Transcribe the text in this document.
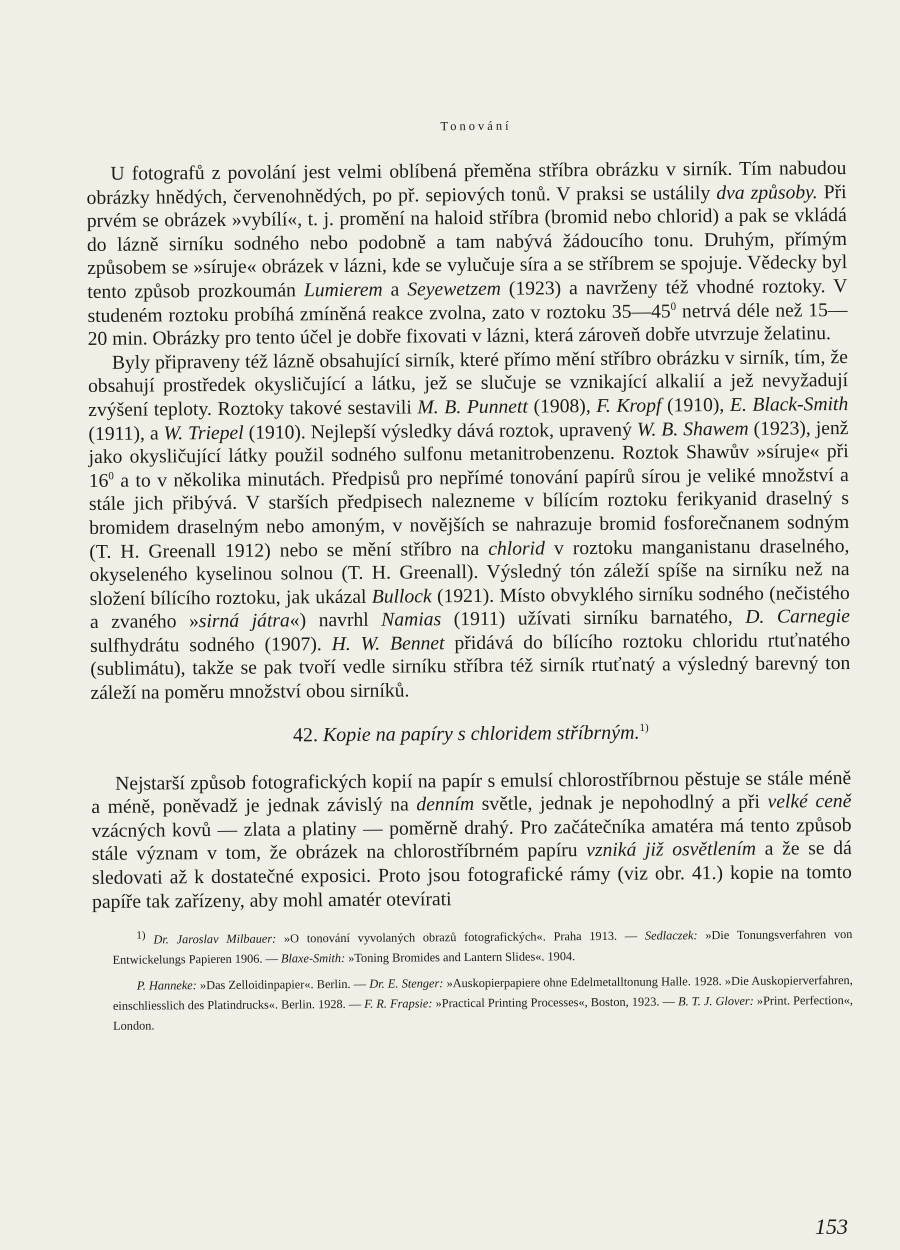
Tonování

U fotografů z povolání jest velmi oblíbená přeměna stříbra obrázku v sirník. Tím nabudou obrázky hnědých, červenohnědých, po př. sepiových tonů. V praksi se ustálily dva způsoby. Při prvém se obrázek »vybílí«, t. j. promění na haloid stříbra (bromid nebo chlorid) a pak se vkládá do lázně sirníku sodného nebo podobně a tam nabývá žádoucího tonu. Druhým, přímým způsobem se »síruje« obrázek v lázni, kde se vylučuje síra a se stříbrem se spojuje. Vědecky byl tento způsob prozkoumán Lumierem a Seyewetzem (1923) a navrženy též vhodné roztoky. V studeném roztoku probíhá zmíněná reakce zvolna, zato v roztoku $35—45^0$ netrvá déle než 15—20 min. Obrázky pro tento účel je dobře fixovati v lázni, která zároveň dobře utvrzuje želatinu.

Byly připraveny též lázně obsahující sirník, které přímo mění stříbro obrázku v sirník, tím, že obsahují prostředek okysličující a látku, jež se slučuje se vznikající alkalií a jež nevyžadují zvýšení teploty. Roztoky takové sestavili M. B. Punnett (1908), F. Kropf (1910), E. Black-Smith (1911), a W. Triepel (1910). Nejlepší výsledky dává roztok, upravený W. B. Shawem (1923), jenž jako okysličující látky použil sodného sulfonu metanitrobenzenu. Roztok Shawův »síruje« při $16^0$ a to v několika minutách. Předpisů pro nepřímé tonování papírů sírou je veliké množství a stále jich přibývá. V starších předpisech nalezneme v bílícím roztoku ferikyanid draselný s bromidem draselným nebo amoným, v novějších se nahrazuje bromid fosforečnanem sodným (T. H. Greenall 1912) nebo se mění stříbro na chlorid v roztoku manganistanu draselného, okyseleného kyselinou solnou (T. H. Greenall). Výsledný tón záleží spíše na sirníku než na složení bílícího roztoku, jak ukázal Bullock (1921). Místo obvyklého sirníku sodného (nečistého a zvaného »sirná játra«) navrhl Namias (1911) užívati sirníku barnatého, D. Carnegie sulfhydrátu sodného (1907). H. W. Bennet přidává do bílícího roztoku chloridu rtuťnatého (sublimátu), takže se pak tvoří vedle sirníku stříbra též sirník rtuťnatý a výsledný barevný ton záleží na poměru množství obou sirníků.

42. Kopie na papíry s chloridem stříbrným.$^{1)}$

Nejstarší způsob fotografických kopií na papír s emulsí chlorostříbrnou pěstuje se stále méně a méně, poněvadž je jednak závislý na denním světle, jednak je nepohodlný a při velké ceně vzácných kovů — zlata a platiny — poměrně drahý. Pro začátečníka amatéra má tento způsob stále význam v tom, že obrázek na chlorostříbrném papíru vzniká již osvětlením a že se dá sledovati až k dostatečné exposici. Proto jsou fotografické rámy (viz obr. 41.) kopie na tomto papíře tak zařízeny, aby mohl amatér otevírati

$^{1)}$ Dr. Jaroslav Milbauer: »O tonování vyvolaných obrazů fotografických«. Praha 1913. — Sedlaczek: »Die Tonungsverfahren von Entwickelungs Papieren 1906. — Blaxe-Smith: »Toning Bromides and Lantern Slides«. 1904.

P. Hanneke: »Das Zelloidinpapier«. Berlin. — Dr. E. Stenger: »Auskopierpapiere ohne Edelmetalltonung Halle. 1928. »Die Auskopierverfahren, einschliesslich des Platindrucks«. Berlin. 1928. — F. R. Frapsie: »Practical Printing Processes«, Boston, 1923. — B. T. J. Glover: »Print. Perfection«, London.

153
